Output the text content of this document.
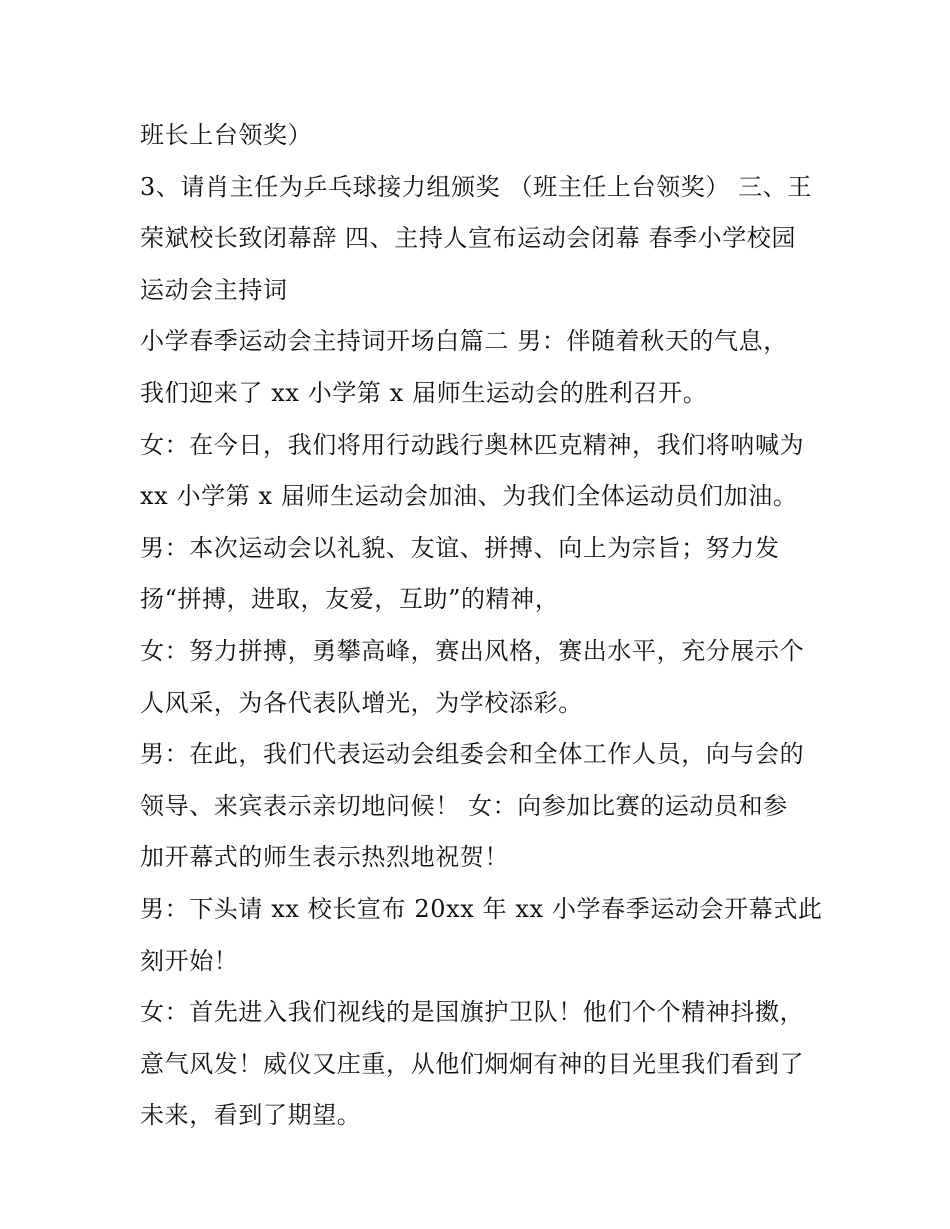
班长上台领奖）
3、请肖主任为乒乓球接力组颁奖 （班主任上台领奖） 三、王
荣斌校长致闭幕辞 四、主持人宣布运动会闭幕 春季小学校园
运动会主持词
小学春季运动会主持词开场白篇二 男：伴随着秋天的气息，
我们迎来了 xx 小学第 x 届师生运动会的胜利召开。
女：在今日，我们将用行动践行奥林匹克精神，我们将呐喊为
xx 小学第 x 届师生运动会加油、为我们全体运动员们加油。
男：本次运动会以礼貌、友谊、拼搏、向上为宗旨；努力发
扬“拼搏，进取，友爱，互助”的精神，
女：努力拼搏，勇攀高峰，赛出风格，赛出水平，充分展示个
人风采，为各代表队增光，为学校添彩。
男：在此，我们代表运动会组委会和全体工作人员，向与会的
领导、来宾表示亲切地问候！ 女：向参加比赛的运动员和参
加开幕式的师生表示热烈地祝贺！
男：下头请 xx 校长宣布 20xx 年 xx 小学春季运动会开幕式此
刻开始！
女：首先进入我们视线的是国旗护卫队！他们个个精神抖擞，
意气风发！威仪又庄重，从他们炯炯有神的目光里我们看到了
未来，看到了期望。
